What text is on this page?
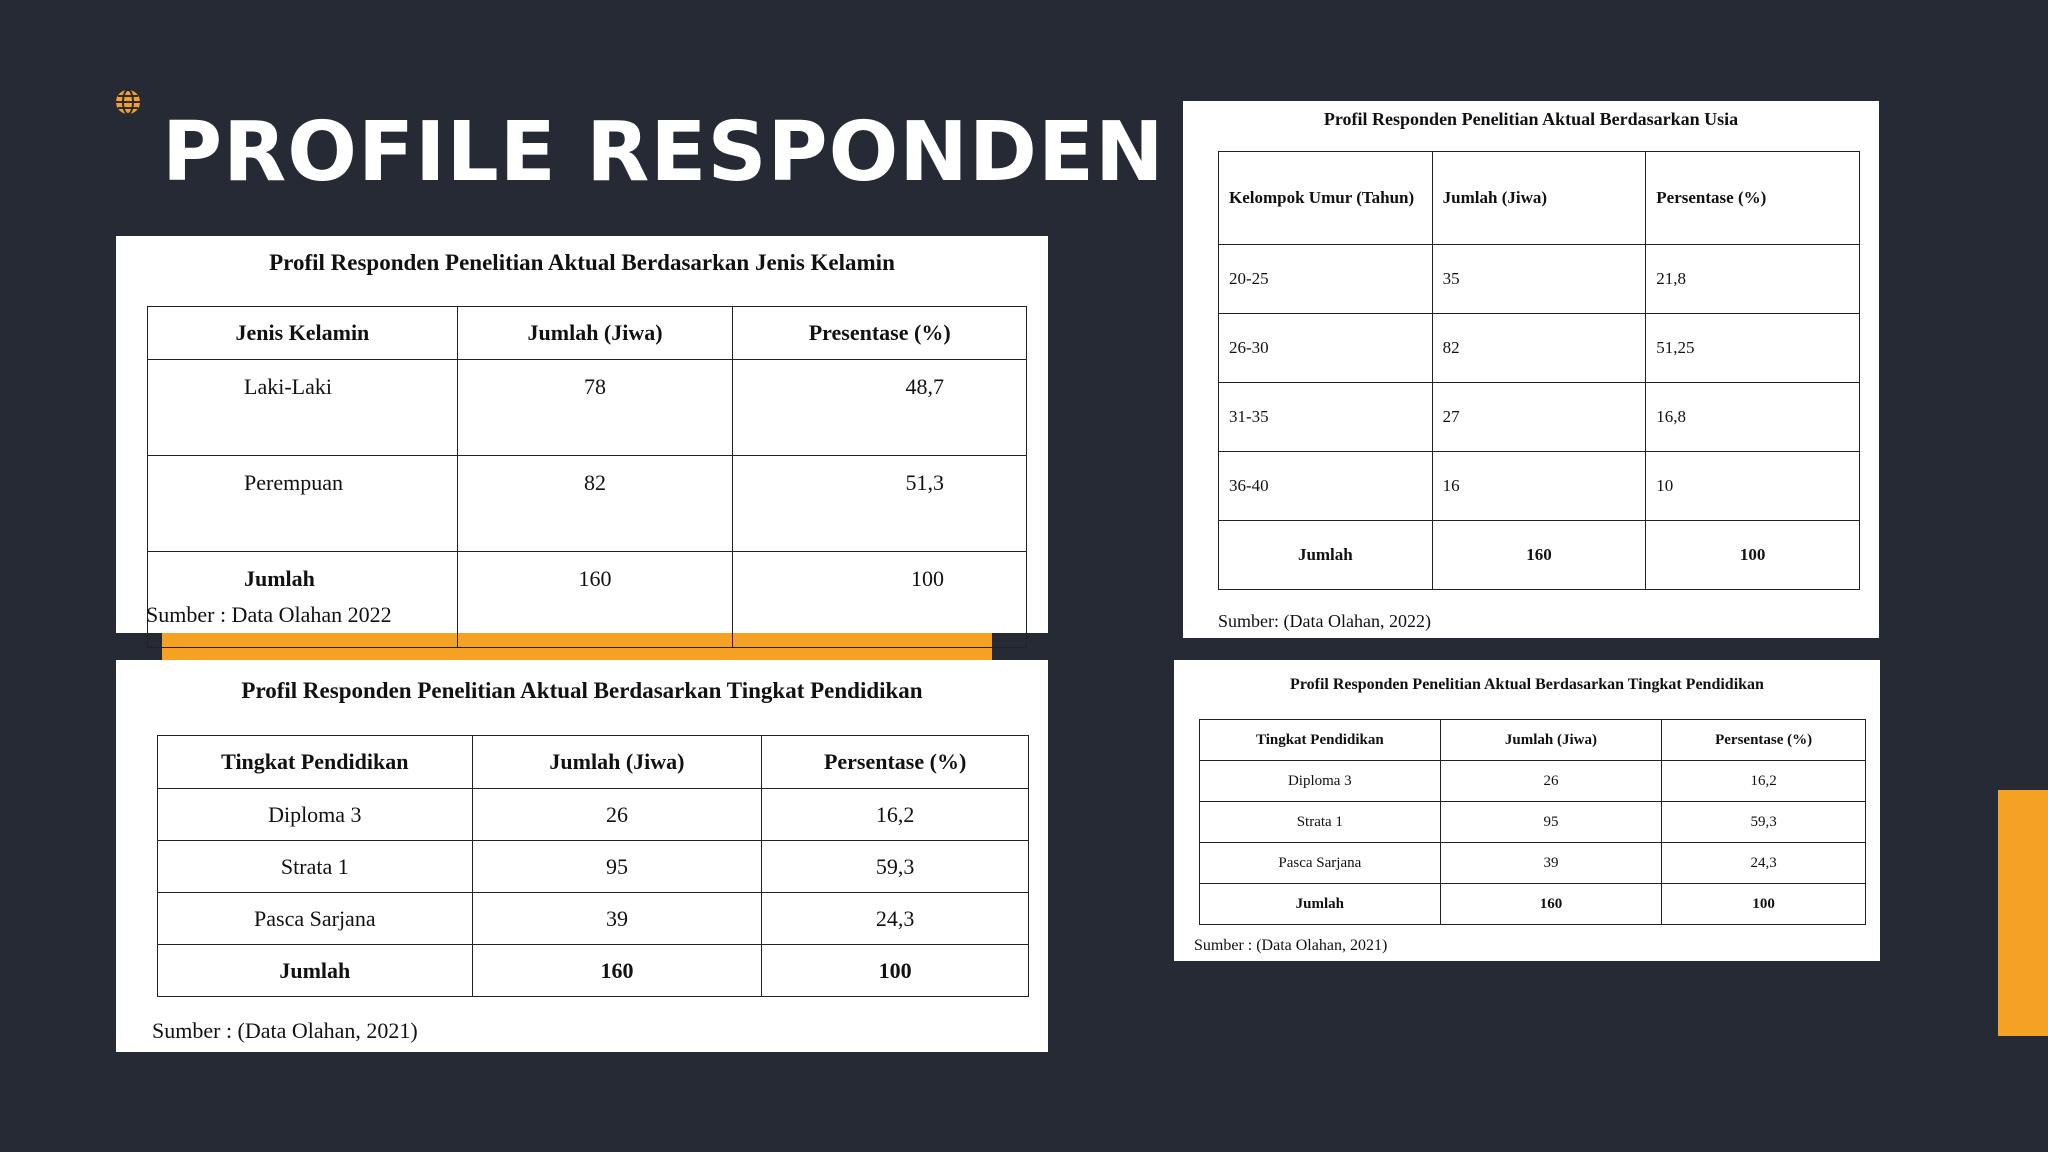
PROFILE RESPONDEN
Profil Responden Penelitian Aktual Berdasarkan Jenis Kelamin
Jenis Kelamin	Jumlah (Jiwa)	Presentase (%)
Laki-Laki	78	48,7
Perempuan	82	51,3
Jumlah	160	100

Sumber : Data Olahan 2022

Profil Responden Penelitian Aktual Berdasarkan Tingkat Pendidikan
Tingkat Pendidikan	Jumlah (Jiwa)	Persentase (%)
Diploma 3	26	16,2
Strata 1	95	59,3
Pasca Sarjana	39	24,3
Jumlah	160	100

Sumber : (Data Olahan, 2021)

Profil Responden Penelitian Aktual Berdasarkan Usia
Kelompok Umur (Tahun)	Jumlah (Jiwa)	Persentase (%)
20-25	35	21,8
26-30	82	51,25
31-35	27	16,8
36-40	16	10
Jumlah	160	100

Sumber: (Data Olahan, 2022)

Profil Responden Penelitian Aktual Berdasarkan Tingkat Pendidikan
Tingkat Pendidikan	Jumlah (Jiwa)	Persentase (%)
Diploma 3	26	16,2
Strata 1	95	59,3
Pasca Sarjana	39	24,3
Jumlah	160	100

Sumber : (Data Olahan, 2021)
